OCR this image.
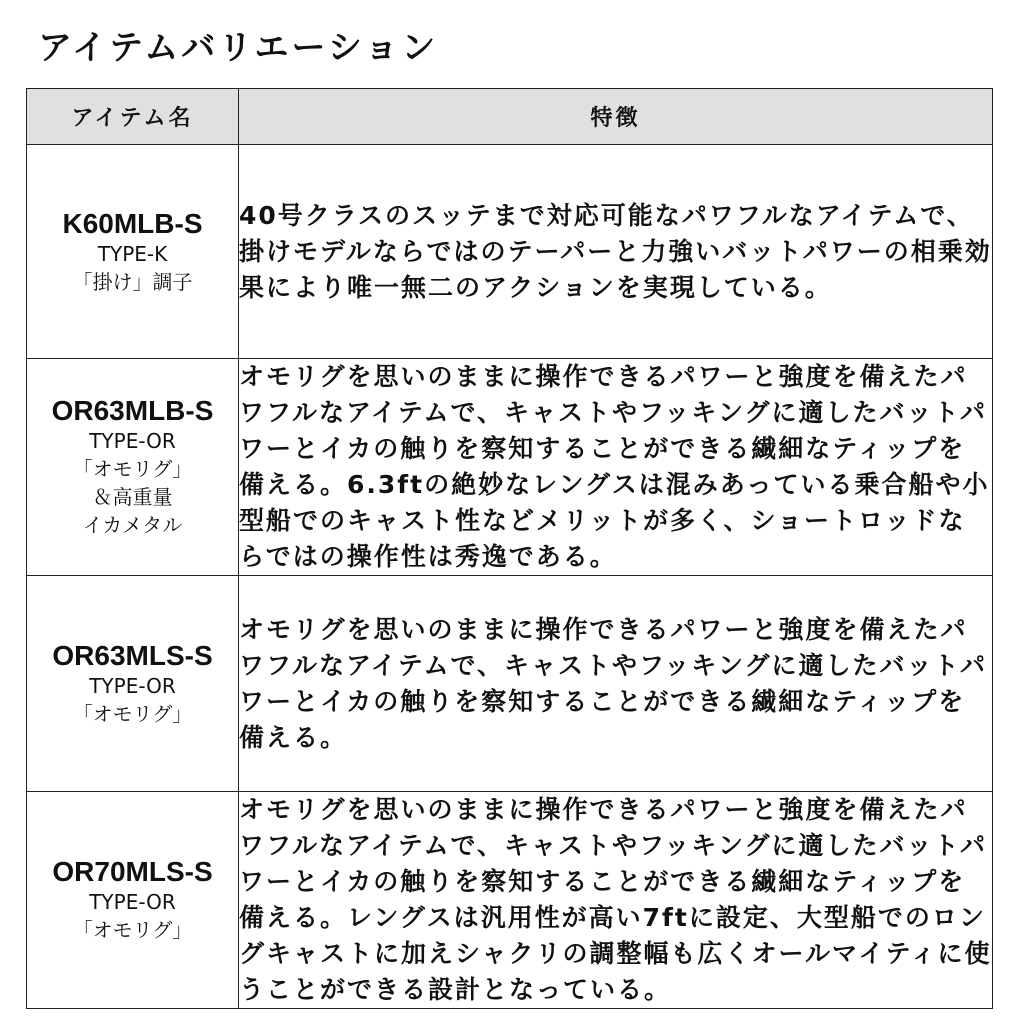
アイテムバリエーション
アイテム名	特徴

K60MLB-S
TYPE-K
「掛け」調子	40号クラスのスッテまで対応可能なパワフルなアイテムで、掛けモデルならではのテーパーと力強いバットパワーの相乗効果により唯一無二のアクションを実現している。

OR63MLB-S
TYPE-OR
「オモリグ」
＆高重量
イカメタル	オモリグを思いのままに操作できるパワーと強度を備えたパワフルなアイテムで、キャストやフッキングに適したバットパワーとイカの触りを察知することができる繊細なティップを備える。6.3ftの絶妙なレングスは混みあっている乗合船や小型船でのキャスト性などメリットが多く、ショートロッドならではの操作性は秀逸である。

OR63MLS-S
TYPE-OR
「オモリグ」	オモリグを思いのままに操作できるパワーと強度を備えたパワフルなアイテムで、キャストやフッキングに適したバットパワーとイカの触りを察知することができる繊細なティップを備える。

OR70MLS-S
TYPE-OR
「オモリグ」	オモリグを思いのままに操作できるパワーと強度を備えたパワフルなアイテムで、キャストやフッキングに適したバットパワーとイカの触りを察知することができる繊細なティップを備える。レングスは汎用性が高い7ftに設定、大型船でのロングキャストに加えシャクリの調整幅も広くオールマイティに使うことができる設計となっている。
